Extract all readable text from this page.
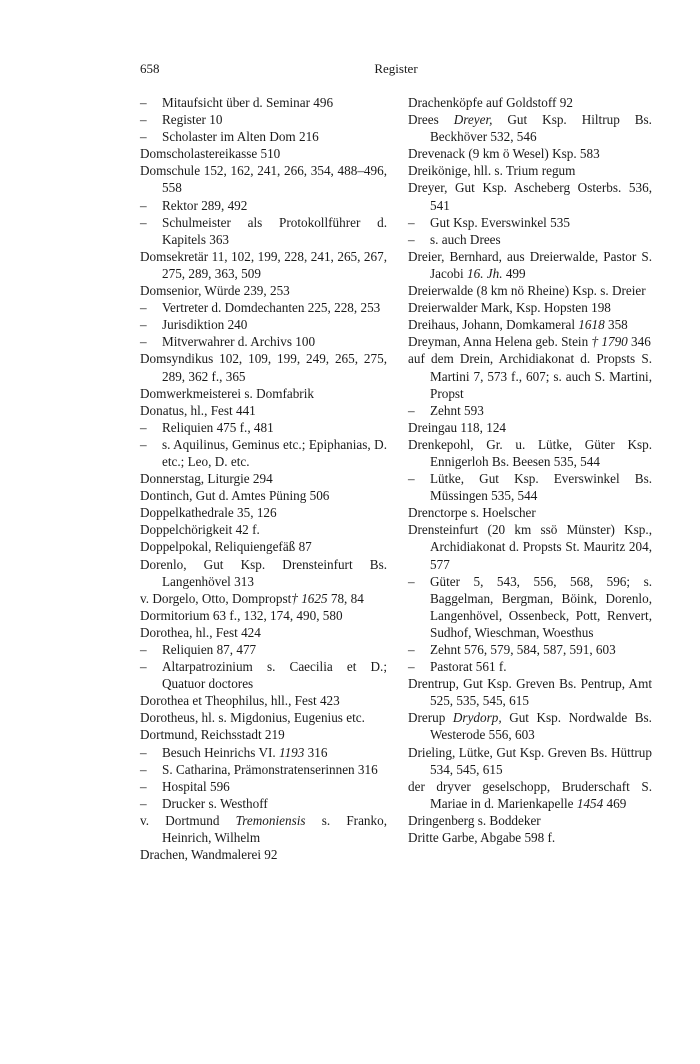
658	Register
– Mitaufsicht über d. Seminar 496
– Register 10
– Scholaster im Alten Dom 216
Domscholastereikasse 510
Domschule 152, 162, 241, 266, 354, 488–496, 558
– Rektor 289, 492
– Schulmeister als Protokollführer d. Kapitels 363
Domsekretär 11, 102, 199, 228, 241, 265, 267, 275, 289, 363, 509
Domsenior, Würde 239, 253
– Vertreter d. Domdechanten 225, 228, 253
– Jurisdiktion 240
– Mitverwahrer d. Archivs 100
Domsyndikus 102, 109, 199, 249, 265, 275, 289, 362 f., 365
Domwerkmeisterei s. Domfabrik
Donatus, hl., Fest 441
– Reliquien 475 f., 481
– s. Aquilinus, Geminus etc.; Epiphanias, D. etc.; Leo, D. etc.
Donnerstag, Liturgie 294
Dontinch, Gut d. Amtes Püning 506
Doppelkathedrale 35, 126
Doppelchörigkeit 42 f.
Doppelpokal, Reliquiengefäß 87
Dorenlo, Gut Ksp. Drensteinfurt Bs. Langenhövel 313
v. Dorgelo, Otto, Dompropst† 1625 78, 84
Dormitorium 63 f., 132, 174, 490, 580
Dorothea, hl., Fest 424
– Reliquien 87, 477
– Altarpatrozinium s. Caecilia et D.; Quatuor doctores
Dorothea et Theophilus, hll., Fest 423
Dorotheus, hl. s. Migdonius, Eugenius etc.
Dortmund, Reichsstadt 219
– Besuch Heinrichs VI. 1193 316
– S. Catharina, Prämonstratenserinnen 316
– Hospital 596
– Drucker s. Westhoff
v. Dortmund Tremoniensis s. Franko, Heinrich, Wilhelm
Drachen, Wandmalerei 92
Drachenköpfe auf Goldstoff 92
Drees Dreyer, Gut Ksp. Hiltrup Bs. Beckhöver 532, 546
Drevenack (9 km ö Wesel) Ksp. 583
Dreikönige, hll. s. Trium regum
Dreyer, Gut Ksp. Ascheberg Osterbs. 536, 541
– Gut Ksp. Everswinkel 535
– s. auch Drees
Dreier, Bernhard, aus Dreierwalde, Pastor S. Jacobi 16. Jh. 499
Dreierwalde (8 km nö Rheine) Ksp. s. Dreier
Dreierwalder Mark, Ksp. Hopsten 198
Dreihaus, Johann, Domkameral 1618 358
Dreyman, Anna Helena geb. Stein † 1790 346
auf dem Drein, Archidiakonat d. Propsts S. Martini 7, 573 f., 607; s. auch S. Martini, Propst
– Zehnt 593
Dreingau 118, 124
Drenkepohl, Gr. u. Lütke, Güter Ksp. Ennigerloh Bs. Beesen 535, 544
– Lütke, Gut Ksp. Everswinkel Bs. Müssingen 535, 544
Drenctorpe s. Hoelscher
Drensteinfurt (20 km ssö Münster) Ksp., Archidiakonat d. Propsts St. Mauritz 204, 577
– Güter 5, 543, 556, 568, 596; s. Baggelman, Bergman, Böink, Dorenlo, Langenhövel, Ossenbeck, Pott, Renvert, Sudhof, Wieschman, Woesthus
– Zehnt 576, 579, 584, 587, 591, 603
– Pastorat 561 f.
Drentrup, Gut Ksp. Greven Bs. Pentrup, Amt 525, 535, 545, 615
Drerup Drydorp, Gut Ksp. Nordwalde Bs. Westerode 556, 603
Drieling, Lütke, Gut Ksp. Greven Bs. Hüttrup 534, 545, 615
der dryver geselschopp, Bruderschaft S. Mariae in d. Marienkapelle 1454 469
Dringenberg s. Boddeker
Dritte Garbe, Abgabe 598 f.
